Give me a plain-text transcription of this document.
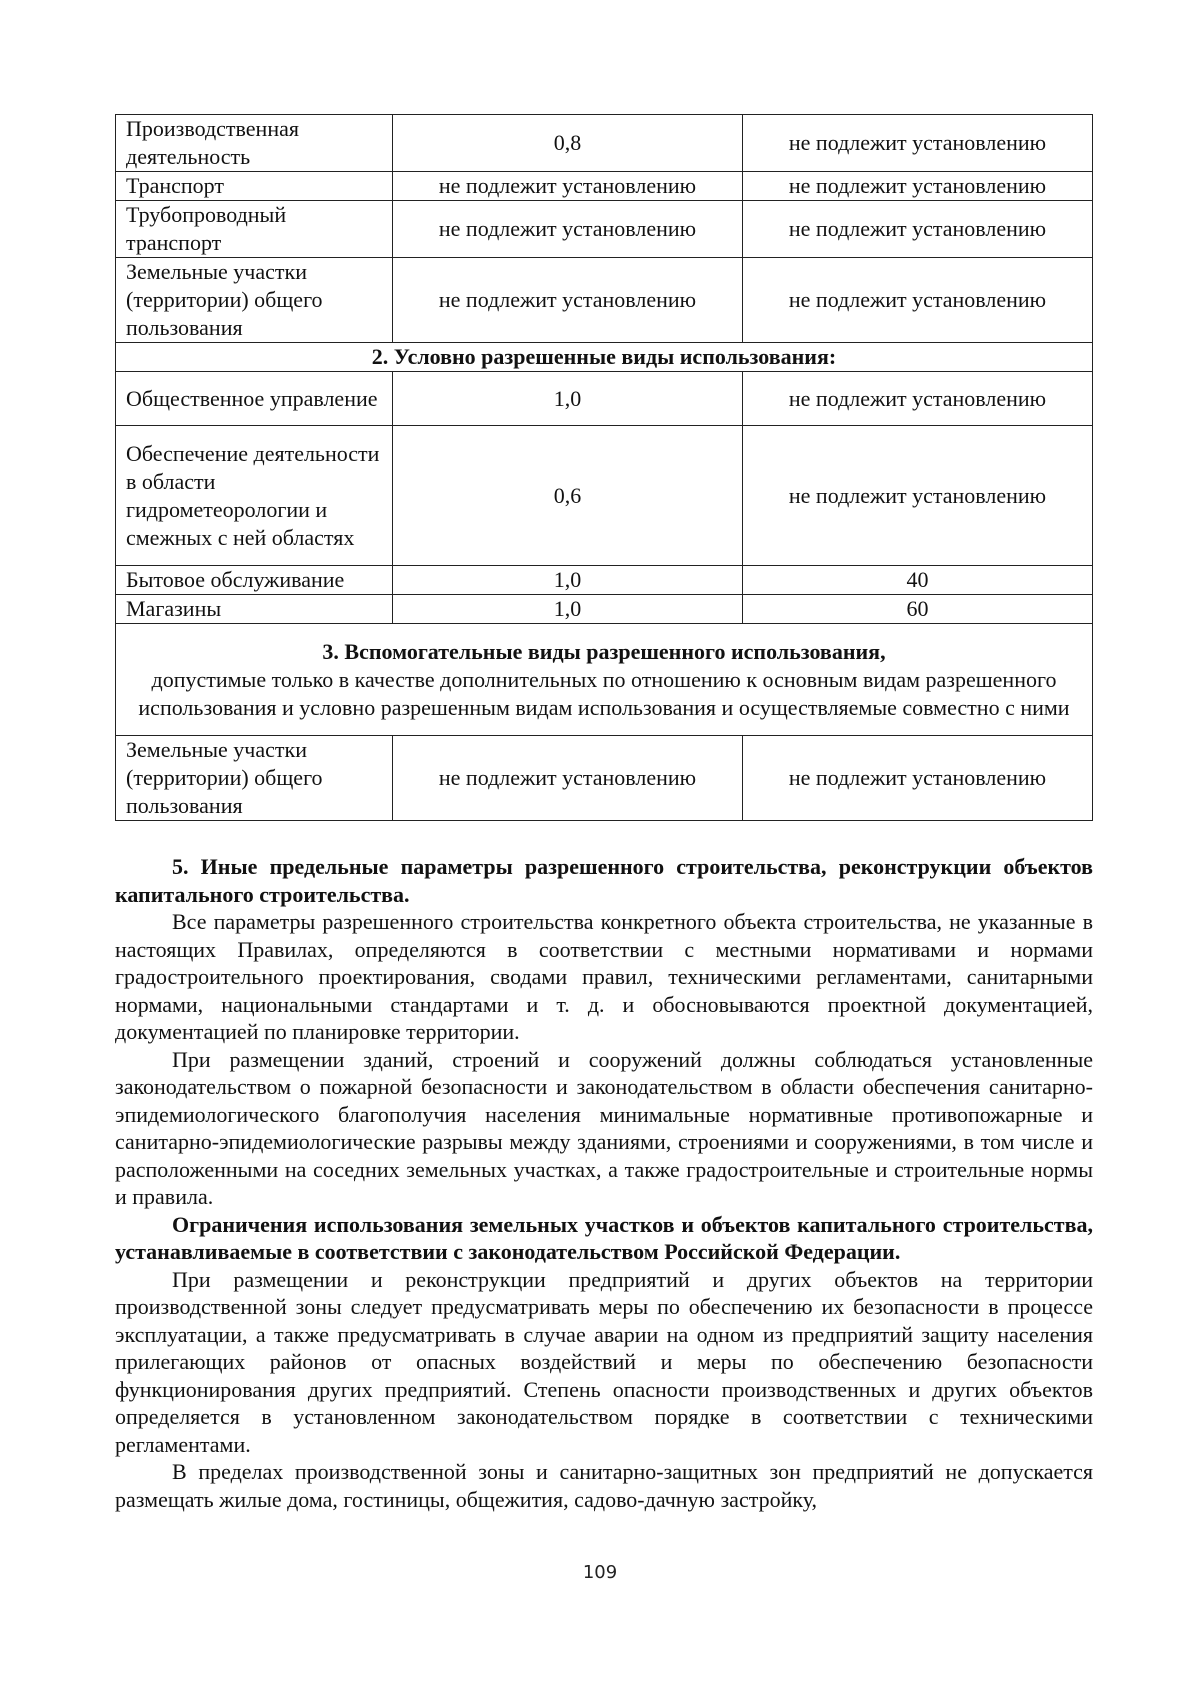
Производственная деятельность	0,8	не подлежит установлению
Транспорт	не подлежит установлению	не подлежит установлению
Трубопроводный транспорт	не подлежит установлению	не подлежит установлению
Земельные участки (территории) общего пользования	не подлежит установлению	не подлежит установлению
2. Условно разрешенные виды использования:		
Общественное управление	1,0	не подлежит установлению
Обеспечение деятельности в области гидрометеорологии и смежных с ней областях	0,6	не подлежит установлению
Бытовое обслуживание	1,0	40
Магазины	1,0	60

3. Вспомогательные виды разрешенного использования,
допустимые только в качестве дополнительных по отношению к основным видам разрешенного использования и условно разрешенным видам использования и осуществляемые совместно с ними		
Земельные участки (территории) общего пользования	не подлежит установлению	не подлежит установлению

5. Иные предельные параметры разрешенного строительства, реконструкции объектов капитального строительства.

Все параметры разрешенного строительства конкретного объекта строительства, не указанные в настоящих Правилах, определяются в соответствии с местными нормативами и нормами градостроительного проектирования, сводами правил, техническими регламентами, санитарными нормами, национальными стандартами и т. д. и обосновываются проектной документацией, документацией по планировке территории.

При размещении зданий, строений и сооружений должны соблюдаться установленные законодательством о пожарной безопасности и законодательством в области обеспечения санитарно-эпидемиологического благополучия населения минимальные нормативные противопожарные и санитарно-эпидемиологические разрывы между зданиями, строениями и сооружениями, в том числе и расположенными на соседних земельных участках, а также градостроительные и строительные нормы и правила.

Ограничения использования земельных участков и объектов капитального строительства, устанавливаемые в соответствии с законодательством Российской Федерации.

При размещении и реконструкции предприятий и других объектов на территории производственной зоны следует предусматривать меры по обеспечению их безопасности в процессе эксплуатации, а также предусматривать в случае аварии на одном из предприятий защиту населения прилегающих районов от опасных воздействий и меры по обеспечению безопасности функционирования других предприятий. Степень опасности производственных и других объектов определяется в установленном законодательством порядке в соответствии с техническими регламентами.

В пределах производственной зоны и санитарно-защитных зон предприятий не допускается размещать жилые дома, гостиницы, общежития, садово-дачную застройку,

109
